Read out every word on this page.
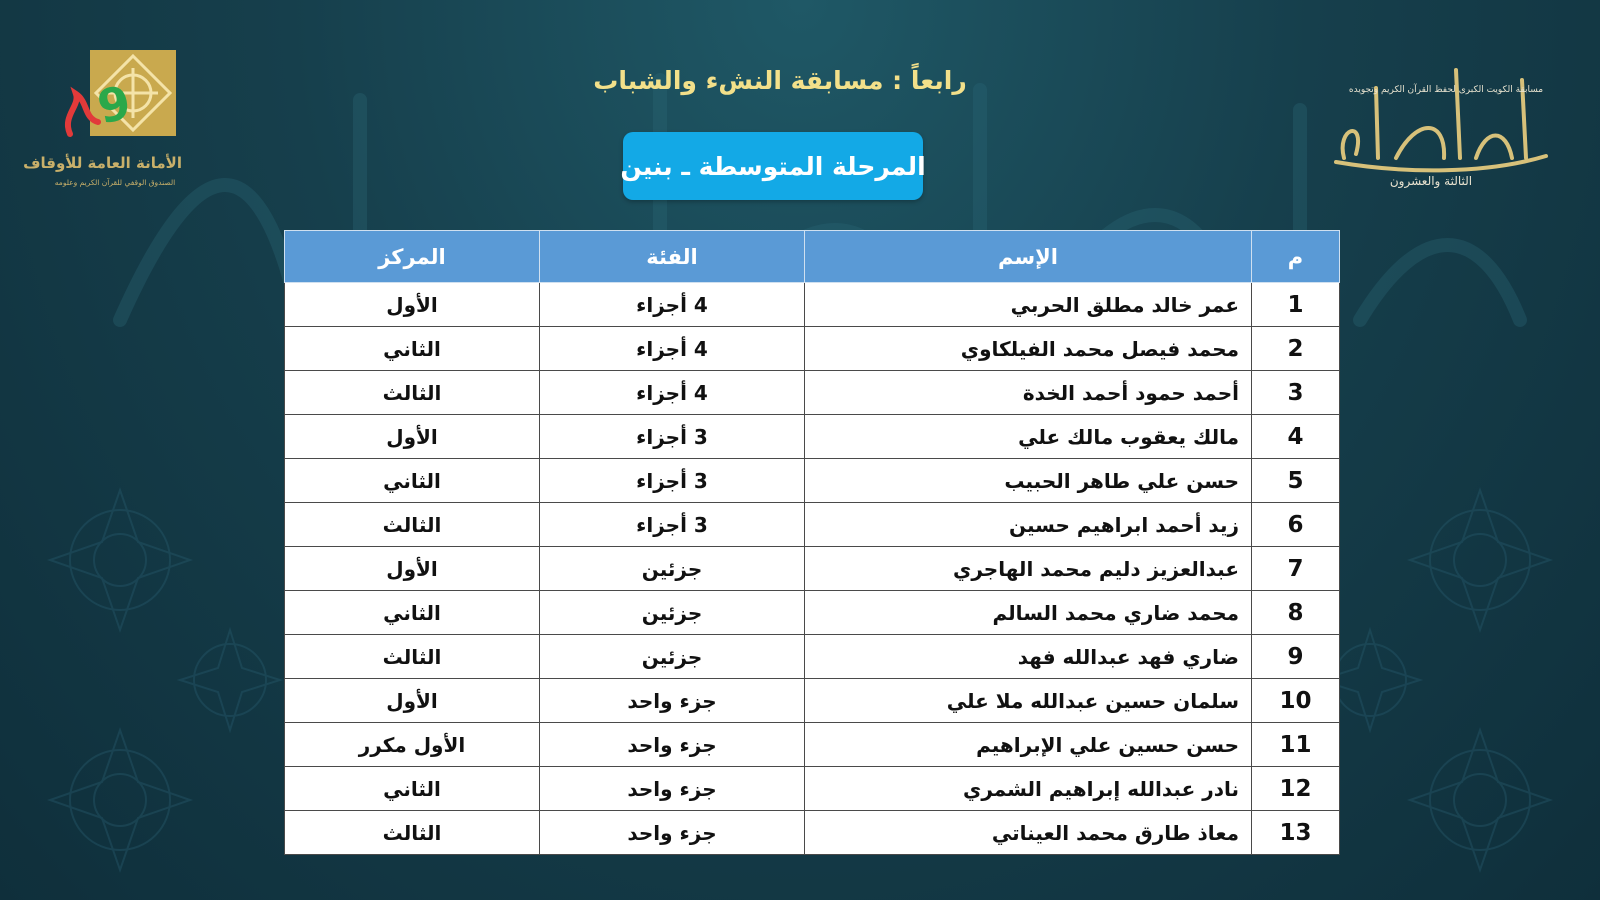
9
الأمانة العامة للأوقاف
الصندوق الوقفي للقرآن الكريم وعلومه
مسابقة الكويت الكبرى لحفظ القرآن الكريم وتجويده
الثالثة والعشرون
رابعاً : مسابقة النشء والشباب
المرحلة المتوسطة ـ بنين
م	الإسم	الفئة	المركز
1	عمر خالد مطلق الحربي	4 أجزاء	الأول
2	محمد فيصل محمد الفيلكاوي	4 أجزاء	الثاني
3	أحمد حمود أحمد الخدة	4 أجزاء	الثالث
4	مالك يعقوب مالك علي	3 أجزاء	الأول
5	حسن علي طاهر الحبيب	3 أجزاء	الثاني
6	زيد أحمد ابراهيم حسين	3 أجزاء	الثالث
7	عبدالعزيز دليم محمد الهاجري	جزئين	الأول
8	محمد ضاري محمد السالم	جزئين	الثاني
9	ضاري فهد عبدالله فهد	جزئين	الثالث
10	سلمان حسين عبدالله ملا علي	جزء واحد	الأول
11	حسن حسين علي الإبراهيم	جزء واحد	الأول مكرر
12	نادر عبدالله إبراهيم الشمري	جزء واحد	الثاني
13	معاذ طارق محمد العيناتي	جزء واحد	الثالث
